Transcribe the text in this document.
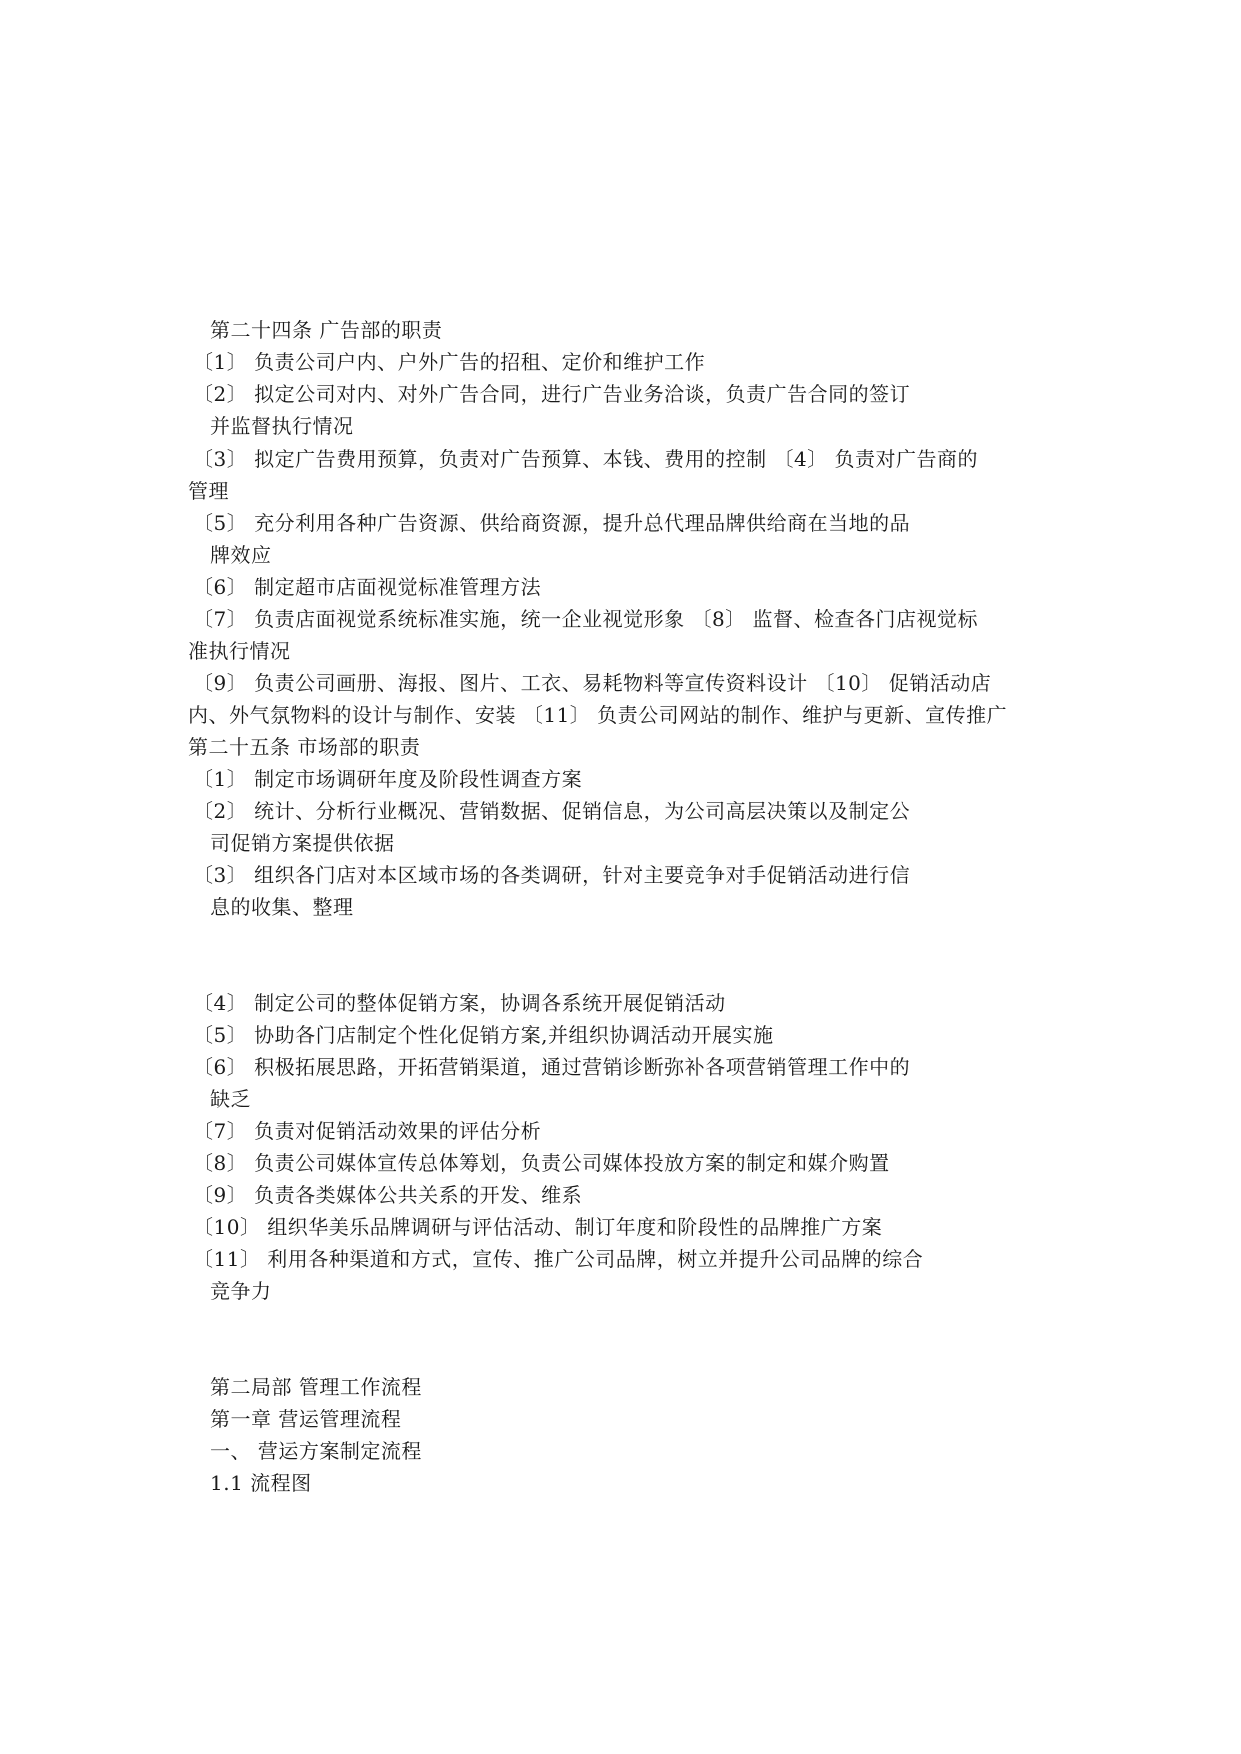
第二十四条 广告部的职责
〔1〕 负责公司户内、户外广告的招租、定价和维护工作
〔2〕 拟定公司对内、对外广告合同，进行广告业务洽谈，负责广告合同的签订
并监督执行情况
〔3〕 拟定广告费用预算，负责对广告预算、本钱、费用的控制 〔4〕 负责对广告商的
管理
〔5〕 充分利用各种广告资源、供给商资源，提升总代理品牌供给商在当地的品
牌效应
〔6〕 制定超市店面视觉标准管理方法
〔7〕 负责店面视觉系统标准实施，统一企业视觉形象 〔8〕 监督、检查各门店视觉标
准执行情况
〔9〕 负责公司画册、海报、图片、工衣、易耗物料等宣传资料设计 〔10〕 促销活动店
内、外气氛物料的设计与制作、安装 〔11〕 负责公司网站的制作、维护与更新、宣传推广
第二十五条 市场部的职责
〔1〕 制定市场调研年度及阶段性调查方案
〔2〕 统计、分析行业概况、营销数据、促销信息，为公司高层决策以及制定公
司促销方案提供依据
〔3〕 组织各门店对本区域市场的各类调研，针对主要竞争对手促销活动进行信
息的收集、整理
〔4〕 制定公司的整体促销方案，协调各系统开展促销活动
〔5〕 协助各门店制定个性化促销方案,并组织协调活动开展实施
〔6〕 积极拓展思路，开拓营销渠道，通过营销诊断弥补各项营销管理工作中的
缺乏
〔7〕 负责对促销活动效果的评估分析
〔8〕 负责公司媒体宣传总体筹划，负责公司媒体投放方案的制定和媒介购置
〔9〕 负责各类媒体公共关系的开发、维系
〔10〕 组织华美乐品牌调研与评估活动、制订年度和阶段性的品牌推广方案
〔11〕 利用各种渠道和方式，宣传、推广公司品牌，树立并提升公司品牌的综合
竞争力
第二局部 管理工作流程
第一章 营运管理流程
一、 营运方案制定流程
1.1 流程图
